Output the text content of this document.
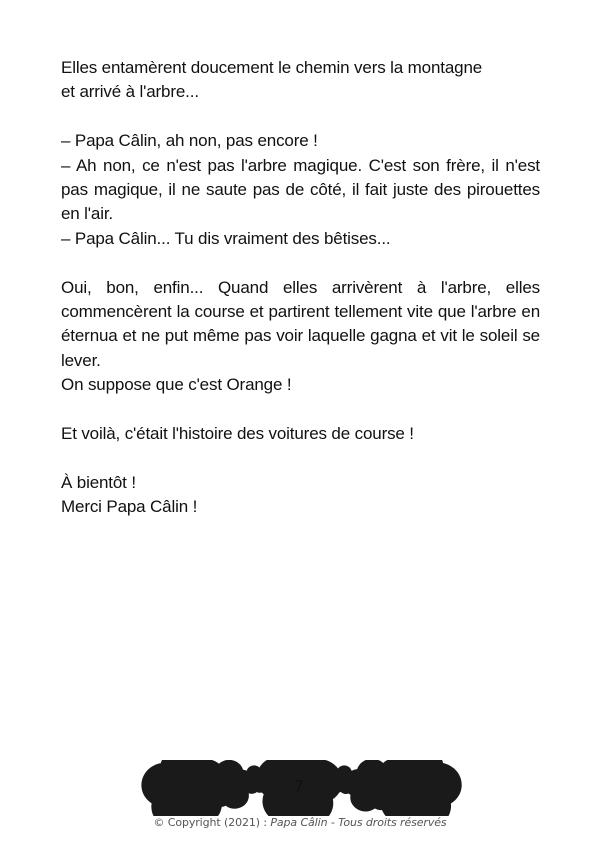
Elles entamèrent doucement le chemin vers la montagne

et arrivé à l'arbre...

– Papa Câlin, ah non, pas encore !

– Ah non, ce n'est pas l'arbre magique. C'est son frère, il n'est pas magique, il ne saute pas de côté, il fait juste des pirouettes en l'air.

– Papa Câlin... Tu dis vraiment des bêtises...

Oui, bon, enfin... Quand elles arrivèrent à l'arbre, elles commencèrent la course et partirent tellement vite que l'arbre en éternua et ne put même pas voir laquelle gagna et vit le soleil se lever.

On suppose que c'est Orange !

Et voilà, c'était l'histoire des voitures de course !

À bientôt !

Merci Papa Câlin !

7
© Copyright (2021) : Papa Câlin - Tous droits réservés
